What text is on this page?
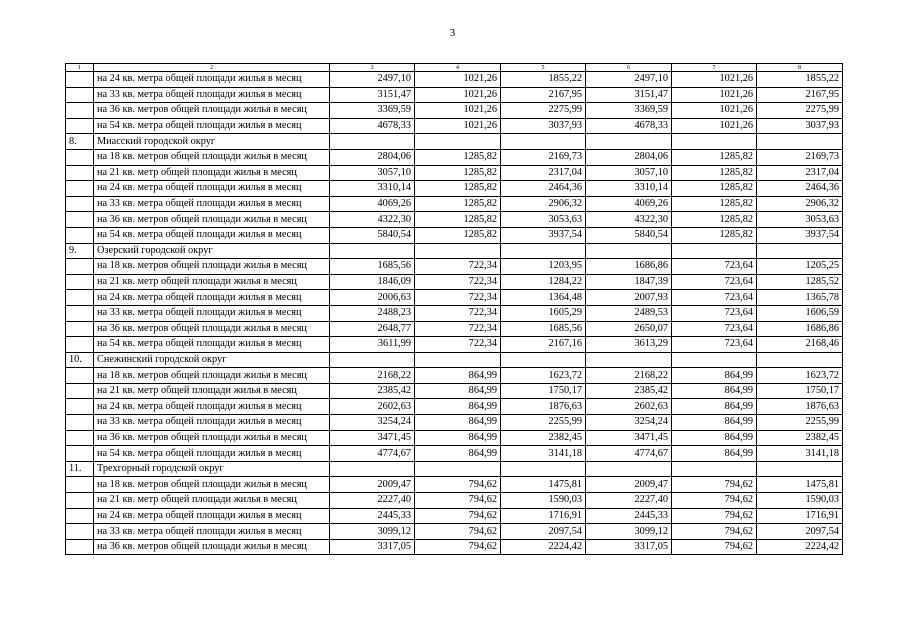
3
1	2	3	4	5	6	7	8
	на 24 кв. метра общей площади жилья в месяц	2497,10	1021,26	1855,22	2497,10	1021,26	1855,22
	на 33 кв. метра общей площади жилья в месяц	3151,47	1021,26	2167,95	3151,47	1021,26	2167,95
	на 36 кв. метров общей площади жилья в месяц	3369,59	1021,26	2275,99	3369,59	1021,26	2275,99
	на 54 кв. метра общей площади жилья в месяц	4678,33	1021,26	3037,93	4678,33	1021,26	3037,93
8.	Миасский городской округ						
	на 18 кв. метров общей площади жилья в месяц	2804,06	1285,82	2169,73	2804,06	1285,82	2169,73
	на 21 кв. метр общей площади жилья в месяц	3057,10	1285,82	2317,04	3057,10	1285,82	2317,04
	на 24 кв. метра общей площади жилья в месяц	3310,14	1285,82	2464,36	3310,14	1285,82	2464,36
	на 33 кв. метра общей площади жилья в месяц	4069,26	1285,82	2906,32	4069,26	1285,82	2906,32
	на 36 кв. метров общей площади жилья в месяц	4322,30	1285,82	3053,63	4322,30	1285,82	3053,63
	на 54 кв. метра общей площади жилья в месяц	5840,54	1285,82	3937,54	5840,54	1285,82	3937,54
9.	Озерский городской округ						
	на 18 кв. метров общей площади жилья в месяц	1685,56	722,34	1203,95	1686,86	723,64	1205,25
	на 21 кв. метр общей площади жилья в месяц	1846,09	722,34	1284,22	1847,39	723,64	1285,52
	на 24 кв. метра общей площади жилья в месяц	2006,63	722,34	1364,48	2007,93	723,64	1365,78
	на 33 кв. метра общей площади жилья в месяц	2488,23	722,34	1605,29	2489,53	723,64	1606,59
	на 36 кв. метров общей площади жилья в месяц	2648,77	722,34	1685,56	2650,07	723,64	1686,86
	на 54 кв. метра общей площади жилья в месяц	3611,99	722,34	2167,16	3613,29	723,64	2168,46
10.	Снежинский городской округ						
	на 18 кв. метров общей площади жилья в месяц	2168,22	864,99	1623,72	2168,22	864,99	1623,72
	на 21 кв. метр общей площади жилья в месяц	2385,42	864,99	1750,17	2385,42	864,99	1750,17
	на 24 кв. метра общей площади жилья в месяц	2602,63	864,99	1876,63	2602,63	864,99	1876,63
	на 33 кв. метра общей площади жилья в месяц	3254,24	864,99	2255,99	3254,24	864,99	2255,99
	на 36 кв. метров общей площади жилья в месяц	3471,45	864,99	2382,45	3471,45	864,99	2382,45
	на 54 кв. метра общей площади жилья в месяц	4774,67	864,99	3141,18	4774,67	864,99	3141,18
11.	Трехгорный городской округ						
	на 18 кв. метров общей площади жилья в месяц	2009,47	794,62	1475,81	2009,47	794,62	1475,81
	на 21 кв. метр общей площади жилья в месяц	2227,40	794,62	1590,03	2227,40	794,62	1590,03
	на 24 кв. метра общей площади жилья в месяц	2445,33	794,62	1716,91	2445,33	794,62	1716,91
	на 33 кв. метра общей площади жилья в месяц	3099,12	794,62	2097,54	3099,12	794,62	2097,54
	на 36 кв. метров общей площади жилья в месяц	3317,05	794,62	2224,42	3317,05	794,62	2224,42
